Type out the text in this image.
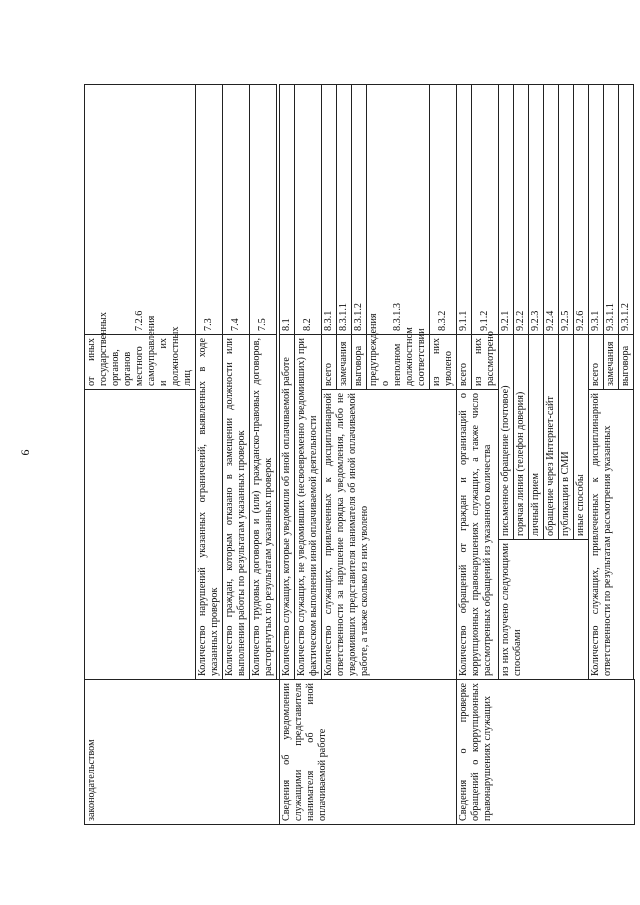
9
законодательством			от иных государственных органов, органов местного самоуправления и их должностных лиц	7.2.6
	Количество нарушений указанных ограничений, выявленных в ходе указанных проверок			7.3
	Количество граждан, которым отказано в замещении должности или выполнении работы по результатам указанных проверок			7.4
	Количество трудовых договоров и (или) гражданско-правовых договоров, расторгнутых по результатам указанных проверок			7.5

Сведения об уведомлении служащими представителя нанимателя об иной оплачиваемой работе	Количество служащих, которые уведомили об иной оплачиваемой работе			8.1
	Количество служащих, не уведомивших (несвоевременно уведомивших) при фактическом выполнении иной оплачиваемой деятельности			8.2
	Количество служащих, привлеченных к дисциплинарной ответственности за нарушение порядка уведомления, либо не уведомивших представителя нанимателя об иной оплачиваемой работе, а также сколько из них уволено		всего	8.3.1
			замечания	8.3.1.1
			выговора	8.3.1.2
			предупреждения о неполном должностном соответствии	8.3.1.3
			из них уволено	8.3.2
Сведения о проверке обращений о коррупционных правонарушениях служащих	Количество обращений от граждан и организаций о коррупционных правонарушениях служащих, а также число рассмотренных обращений из указанного количества		всего	9.1.1
			из них рассмотрено	9.1.2
	из них получено следующими способами	письменное обращение (почтовое)		9.2.1
		горячая линия (телефон доверия)		9.2.2
		личный прием		9.2.3
		обращение через Интернет-сайт		9.2.4
		публикации в СМИ		9.2.5
		иные способы		9.2.6
	Количество служащих, привлеченных к дисциплинарной ответственности по результатам рассмотрения указанных		всего	9.3.1
			замечания	9.3.1.1
			выговора	9.3.1.2
